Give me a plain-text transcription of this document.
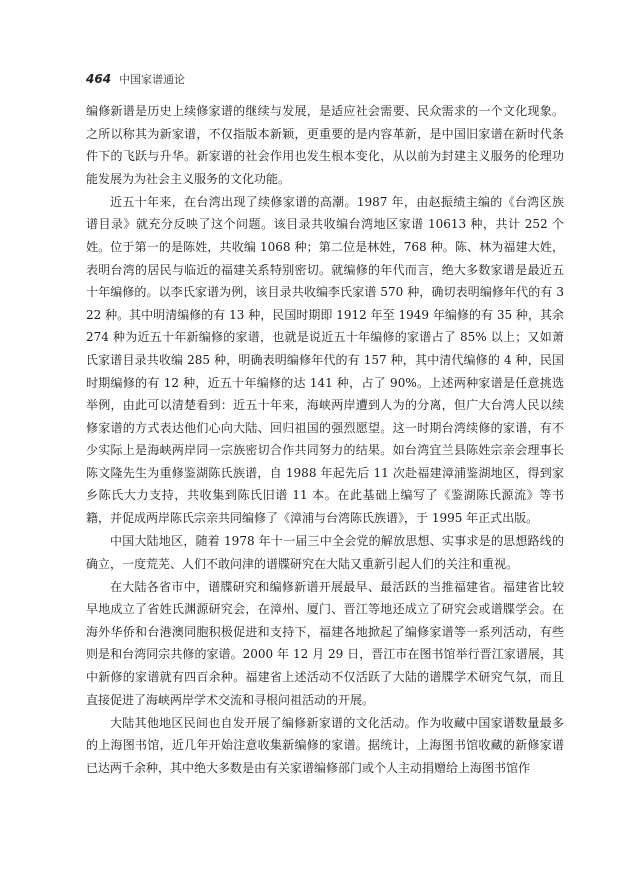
464 中国家谱通论

编修新谱是历史上续修家谱的继续与发展，是适应社会需要、民众需求的一个文化现象。之所以称其为新家谱，不仅指版本新颖，更重要的是内容革新，是中国旧家谱在新时代条件下的飞跃与升华。新家谱的社会作用也发生根本变化，从以前为封建主义服务的伦理功能发展为为社会主义服务的文化功能。

近五十年来，在台湾出现了续修家谱的高潮。1987 年，由赵振绩主编的《台湾区族谱目录》就充分反映了这个问题。该目录共收编台湾地区家谱 10613 种，共计 252 个姓。位于第一的是陈姓，共收编 1068 种；第二位是林姓，768 种。陈、林为福建大姓，表明台湾的居民与临近的福建关系特别密切。就编修的年代而言，绝大多数家谱是最近五十年编修的。以李氏家谱为例，该目录共收编李氏家谱 570 种，确切表明编修年代的有 322 种。其中明清编修的有 13 种，民国时期即 1912 年至 1949 年编修的有 35 种，其余 274 种为近五十年新编修的家谱，也就是说近五十年编修的家谱占了 85% 以上；又如萧氏家谱目录共收编 285 种，明确表明编修年代的有 157 种，其中清代编修的 4 种，民国时期编修的有 12 种，近五十年编修的达 141 种，占了 90%。上述两种家谱是任意挑选举例，由此可以清楚看到：近五十年来，海峡两岸遭到人为的分离，但广大台湾人民以续修家谱的方式表达他们心向大陆、回归祖国的强烈愿望。这一时期台湾续修的家谱，有不少实际上是海峡两岸同一宗族密切合作共同努力的结果。如台湾宜兰县陈姓宗亲会理事长陈文隆先生为重修鉴湖陈氏族谱，自 1988 年起先后 11 次赴福建漳浦鉴湖地区，得到家乡陈氏大力支持，共收集到陈氏旧谱 11 本。在此基础上编写了《鉴湖陈氏源流》等书籍，并促成两岸陈氏宗亲共同编修了《漳浦与台湾陈氏族谱》，于 1995 年正式出版。

中国大陆地区，随着 1978 年十一届三中全会党的解放思想、实事求是的思想路线的确立，一度荒芜、人们不敢问津的谱牒研究在大陆又重新引起人们的关注和重视。

在大陆各省市中，谱牒研究和编修新谱开展最早、最活跃的当推福建省。福建省比较早地成立了省姓氏渊源研究会，在漳州、厦门、晋江等地还成立了研究会或谱牒学会。在海外华侨和台港澳同胞积极促进和支持下，福建各地掀起了编修家谱等一系列活动，有些则是和台湾同宗共修的家谱。2000 年 12 月 29 日，晋江市在图书馆举行晋江家谱展，其中新修的家谱就有四百余种。福建省上述活动不仅活跃了大陆的谱牒学术研究气氛，而且直接促进了海峡两岸学术交流和寻根问祖活动的开展。

大陆其他地区民间也自发开展了编修新家谱的文化活动。作为收藏中国家谱数量最多的上海图书馆，近几年开始注意收集新编修的家谱。据统计，上海图书馆收藏的新修家谱已达两千余种，其中绝大多数是由有关家谱编修部门或个人主动捐赠给上海图书馆作
